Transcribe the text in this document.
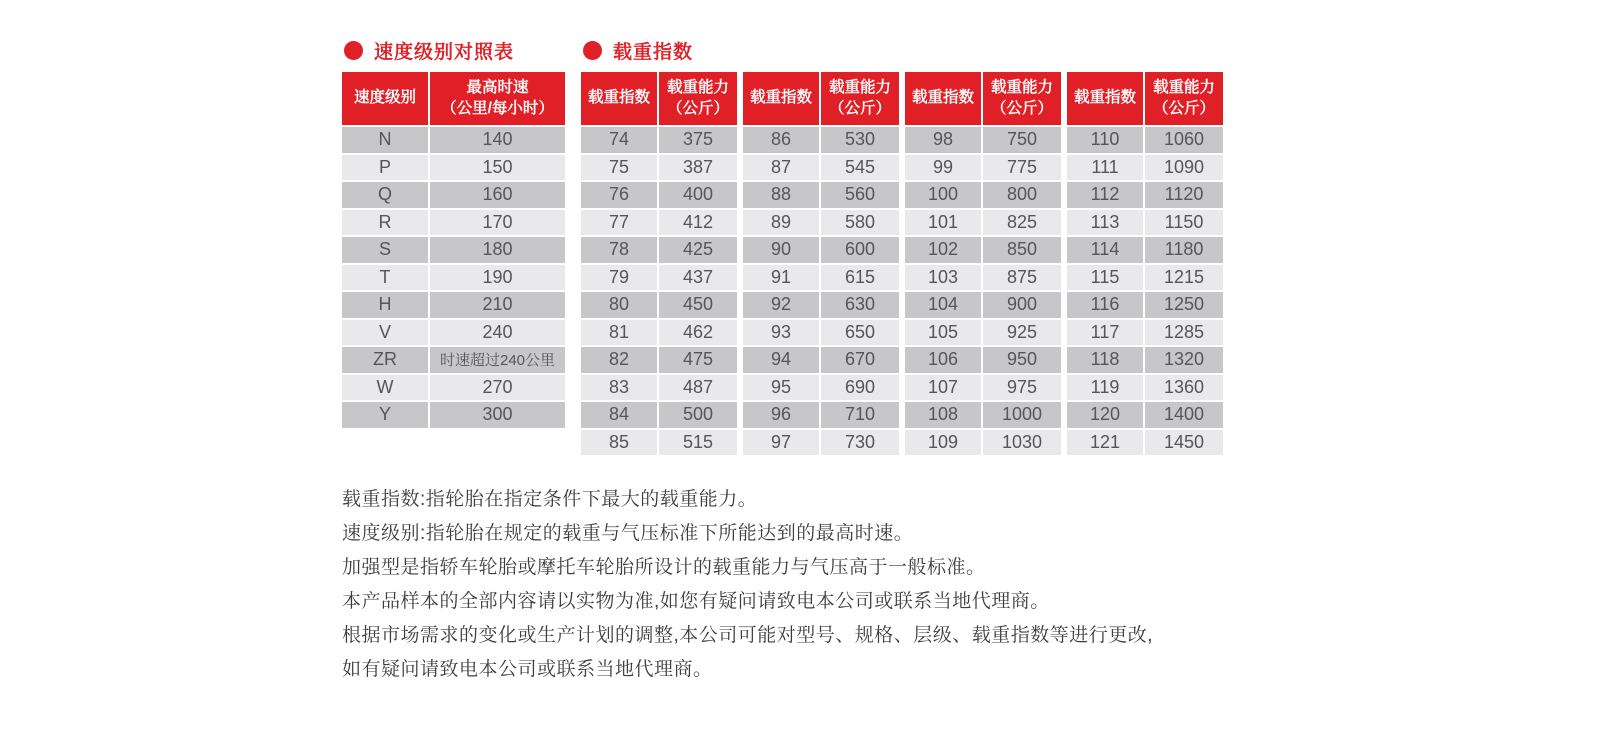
速度级别对照表
速度级别
最高时速
（公里/每小时）
N	140
P	150
Q	160
R	170
S	180
T	190
H	210
V	240
ZR	时速超过240公里
W	270
Y	300
载重指数
载重指数
载重能力
（公斤）
74	375
75	387
76	400
77	412
78	425
79	437
80	450
81	462
82	475
83	487
84	500
85	515
载重指数
载重能力
（公斤）
86	530
87	545
88	560
89	580
90	600
91	615
92	630
93	650
94	670
95	690
96	710
97	730
载重指数
载重能力
（公斤）
98	750
99	775
100	800
101	825
102	850
103	875
104	900
105	925
106	950
107	975
108	1000
109	1030
载重指数
载重能力
（公斤）
110	1060
111	1090
112	1120
113	1150
114	1180
115	1215
116	1250
117	1285
118	1320
119	1360
120	1400
121	1450

载重指数:指轮胎在指定条件下最大的载重能力。

速度级别:指轮胎在规定的载重与气压标准下所能达到的最高时速。

加强型是指轿车轮胎或摩托车轮胎所设计的载重能力与气压高于一般标准。

本产品样本的全部内容请以实物为准,如您有疑问请致电本公司或联系当地代理商。

根据市场需求的变化或生产计划的调整,本公司可能对型号、规格、层级、载重指数等进行更改,

如有疑问请致电本公司或联系当地代理商。
